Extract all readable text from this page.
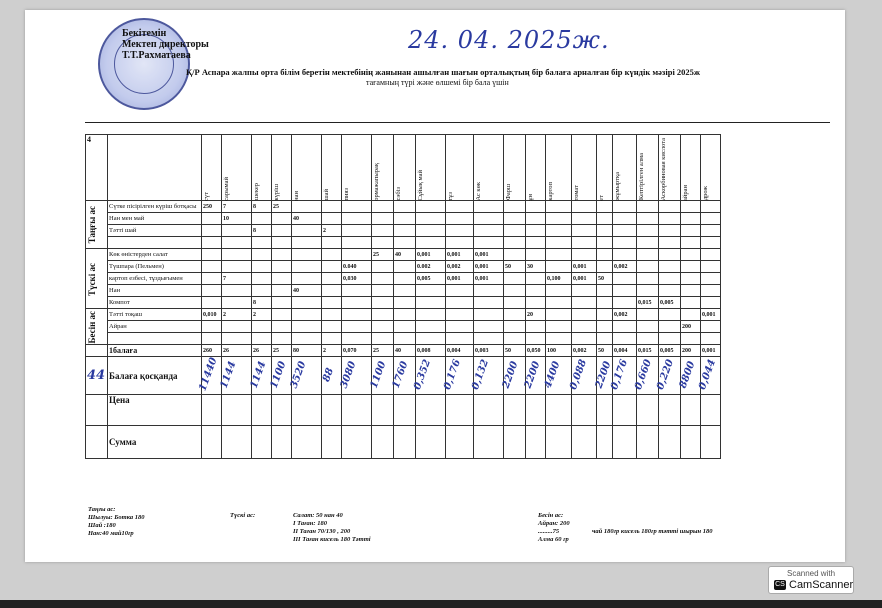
Бекітемін
Мектеп директоры
Т.Т.Рахматаева
24. 04. 2025ж.
Қ/Р Аспара жалпы орта білім беретін мектебінің жанынан ашылған шағын орталықтың бір балаға арналған бір күндік мәзірі 2025ж
тағамның түрі және өлшемі бір бала үшін
4		сүт	сарымай	шекер	күріш	нан	шай	пияз	ормажапырақ	сәбіз	Сұйық май	тұз	Ас көк	Фарш	ұн	картоп	томат	ет	жұмыртқа	Кептірілген алма	Аскорбиновая кислота	айран	дрож

Таңғы ас	Сүтке пісірілген күріш ботқасы	250	7	8	25																		
	Нан мен май		10			40																	
	Тәтті шай			8			2																

Түскі ас	Көк өністерден салат								25	40	0,001	0,001	0,001										
	Түшпара (Пельмен)							0.040			0.002	0,002	0,001	50	30		0,001		0,002				
	картоп езбесі, тұздығымен		7					0,030			0,005	0,001	0,001			0,100	0,001	50					
	Нан					40																	
	Компот			8																0,015	0,005		

Бесін ас	Тәтті тоқаш	0,010	2	2											20				0,002				0,001
	Айран																					200	

	1балаға	260	26	26	25	80	2	0,070	25	40	0,008	0,004	0,003	50	0,050	100	0,002	50	0,004	0,015	0,005	200	0,001
44	Балаға қосқанда	11440	1144	1144	1100	3520	88	3080	1100	1760	0,352	0,176	0,132	2200	2200	4400	0,088	2200	0,176	0,660	0,220	8800	0,044
	Цена																						
	Сумма																						
Таңғы ас:
Шылуы: Ботка 180
Шай :180
Нан:40 май10гр
Түскі ас:	Салат: 50 нан 40
I Таған: 180
II Таған 70/130 , 200
III Таған кисель 180 Тәтті
Бесін ас:
Айран: 200
.........75
Алма 60 гр
чай 180гр кисель 180гр тәтті шырын 180
Scanned with
CS CamScanner
